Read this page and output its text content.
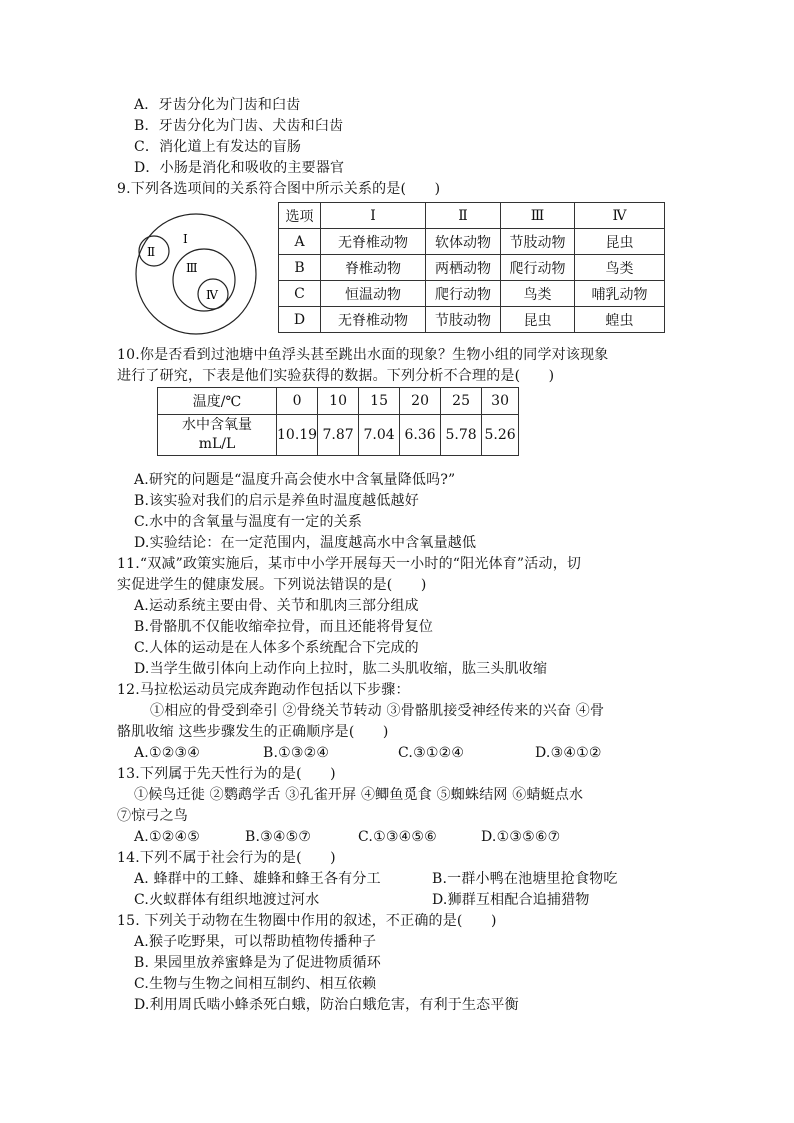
A．牙齿分化为门齿和臼齿
B．牙齿分化为门齿、犬齿和臼齿
C．消化道上有发达的盲肠
D．小肠是消化和吸收的主要器官
9.下列各选项间的关系符合图中所示关系的是(　　)
Ⅱ
Ⅰ
Ⅲ
Ⅳ
选项	Ⅰ	Ⅱ	Ⅲ	Ⅳ
A	无脊椎动物	软体动物	节肢动物	昆虫
B	脊椎动物	两栖动物	爬行动物	鸟类
C	恒温动物	爬行动物	鸟类	哺乳动物
D	无脊椎动物	节肢动物	昆虫	蝗虫
10.你是否看到过池塘中鱼浮头甚至跳出水面的现象？生物小组的同学对该现象
进行了研究，下表是他们实验获得的数据。下列分析不合理的是(　　)
温度/℃	0	10	15	20	25	30

水中含氧量
mL/L	10.19	7.87	7.04	6.36	5.78	5.26
A.研究的问题是“温度升高会使水中含氧量降低吗?”
B.该实验对我们的启示是养鱼时温度越低越好
C.水中的含氧量与温度有一定的关系
D.实验结论：在一定范围内，温度越高水中含氧量越低
11.“双减”政策实施后，某市中小学开展每天一小时的“阳光体育”活动，切
实促进学生的健康发展。下列说法错误的是(　　)
A.运动系统主要由骨、关节和肌肉三部分组成
B.骨骼肌不仅能收缩牵拉骨，而且还能将骨复位
C.人体的运动是在人体多个系统配合下完成的
D.当学生做引体向上动作向上拉时，肱二头肌收缩，肱三头肌收缩
12.马拉松运动员完成奔跑动作包括以下步骤：
①相应的骨受到牵引 ②骨绕关节转动 ③骨骼肌接受神经传来的兴奋 ④骨
骼肌收缩 这些步骤发生的正确顺序是(　　)
A.①②③④	B.①③②④	C.③①②④	D.③④①②
13.下列属于先天性行为的是(　　)
①候鸟迁徙 ②鹦鹉学舌 ③孔雀开屏 ④鲫鱼觅食 ⑤蜘蛛结网 ⑥蜻蜓点水
⑦惊弓之鸟
A.①②④⑤	B.③④⑤⑦	C.①③④⑤⑥	D.①③⑤⑥⑦
14.下列不属于社会行为的是(　　)
A. 蜂群中的工蜂、雄蜂和蜂王各有分工	B.一群小鸭在池塘里抢食物吃
C.火蚁群体有组织地渡过河水	D.狮群互相配合追捕猎物
15. 下列关于动物在生物圈中作用的叙述，不正确的是(　　)
A.猴子吃野果，可以帮助植物传播种子
B. 果园里放养蜜蜂是为了促进物质循环
C.生物与生物之间相互制约、相互依赖
D.利用周氏啮小蜂杀死白蛾，防治白蛾危害，有利于生态平衡
